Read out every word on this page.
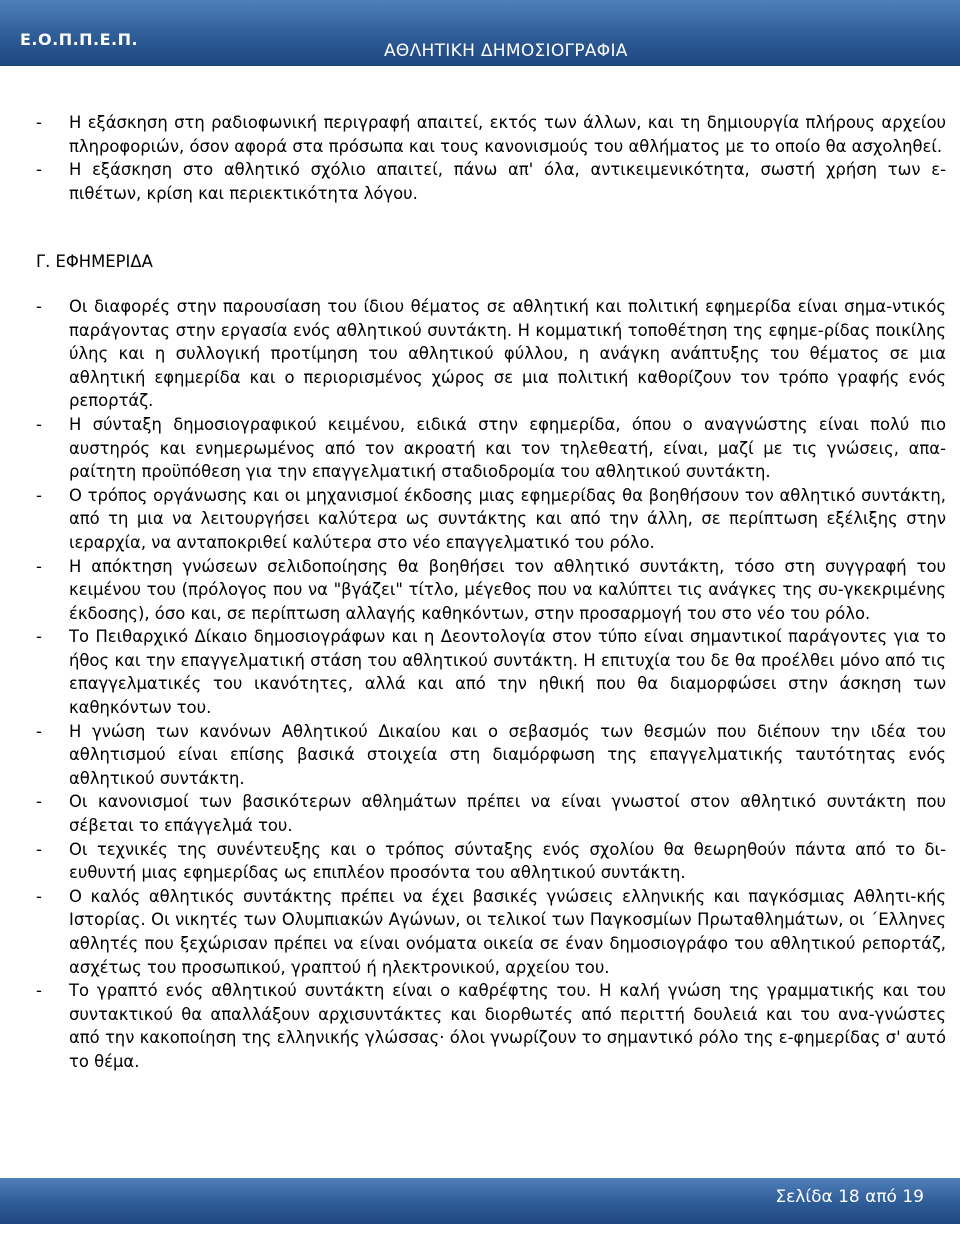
Ε.Ο.Π.Π.Ε.Π.
ΑΘΛΗΤΙΚΗ ΔΗΜΟΣΙΟΓΡΑΦΙΑ
- Η εξάσκηση στη ραδιοφωνική περιγραφή απαιτεί, εκτός των άλλων, και τη δημιουργία πλήρους αρχείου πληροφοριών, όσον αφορά στα πρόσωπα και τους κανονισμούς του αθλήματος με το οποίο θα ασχοληθεί.
- Η εξάσκηση στο αθλητικό σχόλιο απαιτεί, πάνω απ' όλα, αντικειμενικότητα, σωστή χρήση των ε-πιθέτων, κρίση και περιεκτικότητα λόγου.
Γ. ΕΦΗΜΕΡΙΔΑ
- Οι διαφορές στην παρουσίαση του ίδιου θέματος σε αθλητική και πολιτική εφημερίδα είναι σημα-ντικός παράγοντας στην εργασία ενός αθλητικού συντάκτη. Η κομματική τοποθέτηση της εφημε-ρίδας ποικίλης ύλης και η συλλογική προτίμηση του αθλητικού φύλλου, η ανάγκη ανάπτυξης του θέματος σε μια αθλητική εφημερίδα και ο περιορισμένος χώρος σε μια πολιτική καθορίζουν τον τρόπο γραφής ενός ρεπορτάζ.
- Η σύνταξη δημοσιογραφικού κειμένου, ειδικά στην εφημερίδα, όπου ο αναγνώστης είναι πολύ πιο αυστηρός και ενημερωμένος από τον ακροατή και τον τηλεθεατή, είναι, μαζί με τις γνώσεις, απα-ραίτητη προϋπόθεση για την επαγγελματική σταδιοδρομία του αθλητικού συντάκτη.
- Ο τρόπος οργάνωσης και οι μηχανισμοί έκδοσης μιας εφημερίδας θα βοηθήσουν τον αθλητικό συντάκτη, από τη μια να λειτουργήσει καλύτερα ως συντάκτης και από την άλλη, σε περίπτωση εξέλιξης στην ιεραρχία, να ανταποκριθεί καλύτερα στο νέο επαγγελματικό του ρόλο.
- Η απόκτηση γνώσεων σελιδοποίησης θα βοηθήσει τον αθλητικό συντάκτη, τόσο στη συγγραφή του κειμένου του (πρόλογος που να "βγάζει" τίτλο, μέγεθος που να καλύπτει τις ανάγκες της συ-γκεκριμένης έκδοσης), όσο και, σε περίπτωση αλλαγής καθηκόντων, στην προσαρμογή του στο νέο του ρόλο.
- Το Πειθαρχικό Δίκαιο δημοσιογράφων και η Δεοντολογία στον τύπο είναι σημαντικοί παράγοντες για το ήθος και την επαγγελματική στάση του αθλητικού συντάκτη. Η επιτυχία του δε θα προέλθει μόνο από τις επαγγελματικές του ικανότητες, αλλά και από την ηθική που θα διαμορφώσει στην άσκηση των καθηκόντων του.
- Η γνώση των κανόνων Αθλητικού Δικαίου και ο σεβασμός των θεσμών που διέπουν την ιδέα του αθλητισμού είναι επίσης βασικά στοιχεία στη διαμόρφωση της επαγγελματικής ταυτότητας ενός αθλητικού συντάκτη.
- Οι κανονισμοί των βασικότερων αθλημάτων πρέπει να είναι γνωστοί στον αθλητικό συντάκτη που σέβεται το επάγγελμά του.
- Οι τεχνικές της συνέντευξης και ο τρόπος σύνταξης ενός σχολίου θα θεωρηθούν πάντα από το δι-ευθυντή μιας εφημερίδας ως επιπλέον προσόντα του αθλητικού συντάκτη.
- Ο καλός αθλητικός συντάκτης πρέπει να έχει βασικές γνώσεις ελληνικής και παγκόσμιας Αθλητι-κής Ιστορίας. Οι νικητές των Ολυμπιακών Αγώνων, οι τελικοί των Παγκοσμίων Πρωταθλημάτων, οι ΄Ελληνες αθλητές που ξεχώρισαν πρέπει να είναι ονόματα οικεία σε έναν δημοσιογράφο του αθλητικού ρεπορτάζ, ασχέτως του προσωπικού, γραπτού ή ηλεκτρονικού, αρχείου του.
- Το γραπτό ενός αθλητικού συντάκτη είναι ο καθρέφτης του. Η καλή γνώση της γραμματικής και του συντακτικού θα απαλλάξουν αρχισυντάκτες και διορθωτές από περιττή δουλειά και του ανα-γνώστες από την κακοποίηση της ελληνικής γλώσσας· όλοι γνωρίζουν το σημαντικό ρόλο της ε-φημερίδας σ' αυτό το θέμα.
Σελίδα 18 από 19
